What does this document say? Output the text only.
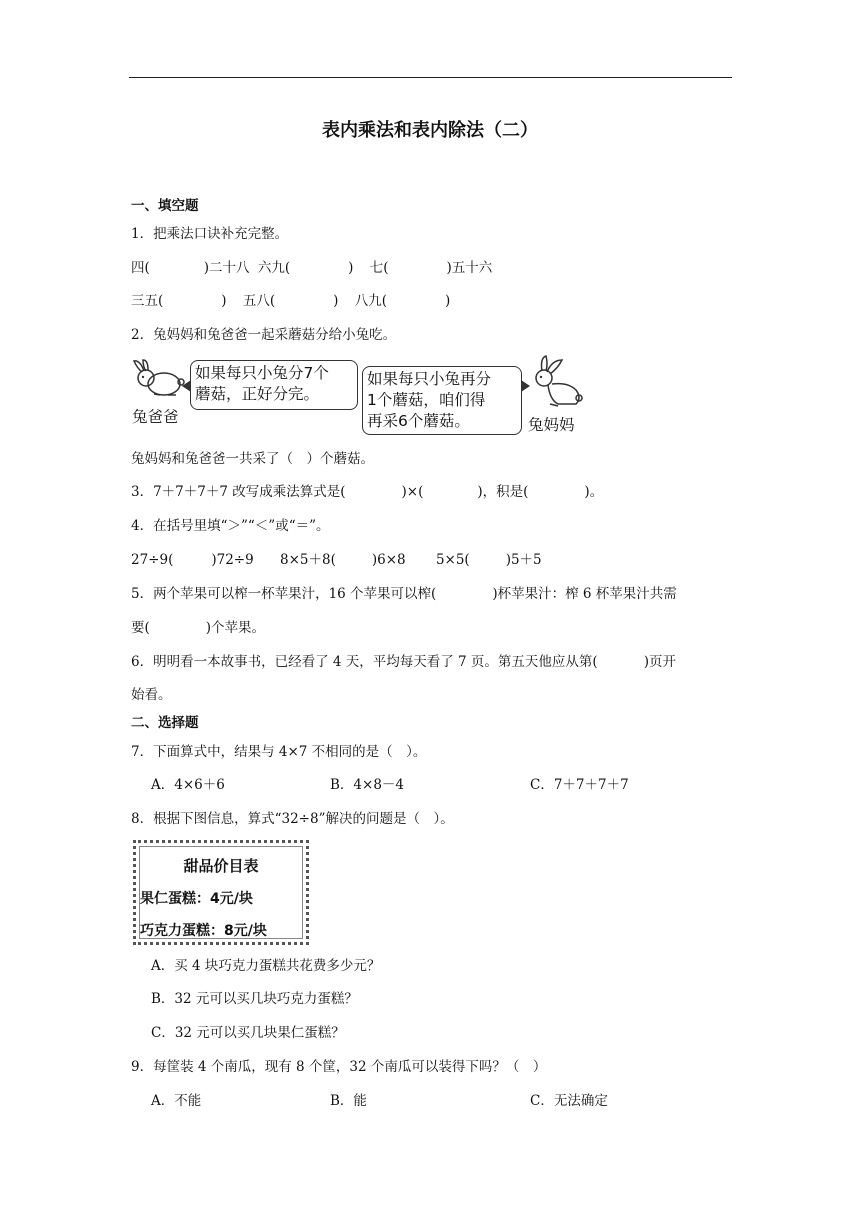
表内乘法和表内除法（二）
一、填空题
1．把乘法口诀补充完整。
四(	)二十八 六九(	) 七(	)五十六
三五(	) 五八(	) 八九(	)
2．兔妈妈和兔爸爸一起采蘑菇分给小兔吃。
如果每只小兔分7个
蘑菇，正好分完。
兔爸爸
如果每只小兔再分
1个蘑菇，咱们得
再采6个蘑菇。	兔妈妈
兔妈妈和兔爸爸一共采了（　）个蘑菇。
3．7＋7＋7＋7 改写成乘法算式是(	)×(	)，积是(	)。
4．在括号里填“＞”“＜”或“＝”。
27÷9(	)72÷9 8×5＋8(	)6×8 5×5(	)5＋5
5．两个苹果可以榨一杯苹果汁，16 个苹果可以榨(	)杯苹果汁：榨 6 杯苹果汁共需
要(	)个苹果。
6．明明看一本故事书，已经看了 4 天，平均每天看了 7 页。第五天他应从第(	)页开
始看。
二、选择题
7．下面算式中，结果与 4×7 不相同的是（　）。
A．4×6＋6	B．4×8－4	C．7＋7＋7＋7
8．根据下图信息，算式“32÷8”解决的问题是（　）。
甜品价目表
果仁蛋糕：4元/块
巧克力蛋糕：8元/块
A．买 4 块巧克力蛋糕共花费多少元？
B．32 元可以买几块巧克力蛋糕？
C．32 元可以买几块果仁蛋糕？
9．每筐装 4 个南瓜，现有 8 个筐，32 个南瓜可以装得下吗？（　）
A．不能	B．能	C．无法确定
